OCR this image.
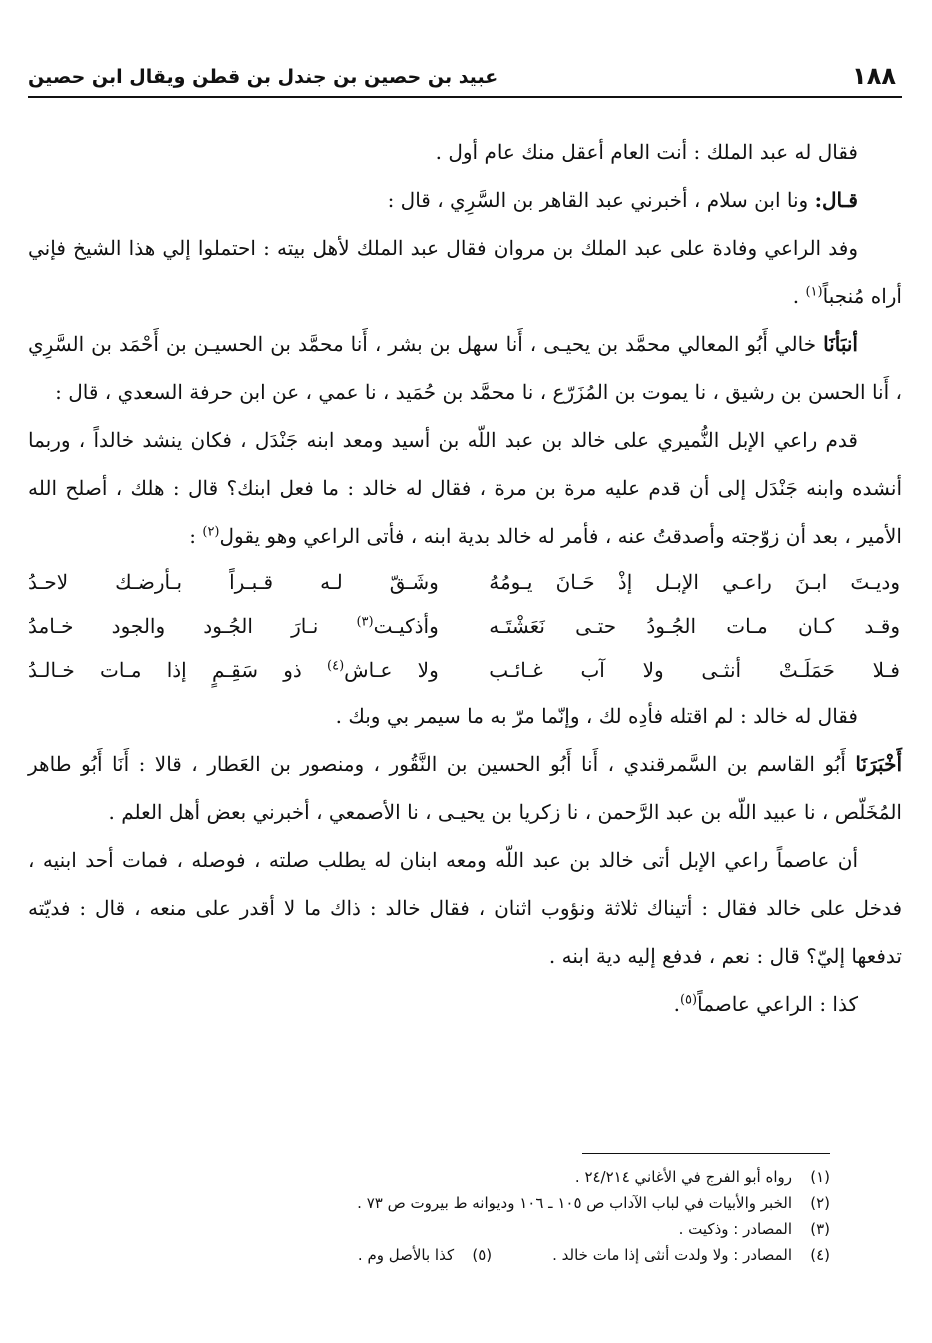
١٨٨
عبيد بن حصين بن جندل بن قطن ويقال ابن حصين

فقال له عبد الملك : أنت العام أعقل منك عام أول .

قـال: ونا ابن سلام ، أخبرني عبد القاهر بن السَّرِي ، قال :

وفد الراعي وفادة على عبد الملك بن مروان فقال عبد الملك لأهل بيته : احتملوا إلي هذا الشيخ فإني أراه مُنجباً$^{(١)}$ .

أنبَأنَا خالي أَبُو المعالي محمَّد بن يحيـى ، أَنا سهل بن بشر ، أَنا محمَّد بن الحسيـن بن أَحْمَد بن السَّرِي ، أَنا الحسن بن رشيق ، نا يموت بن المُزَرّع ، نا محمَّد بن حُمَيد ، نا عمي ، عن ابن حرفة السعدي ، قال :

قدم راعي الإبل النُّميري على خالد بن عبد اللّه بن أسيد ومعد ابنه جَنْدَل ، فكان ينشد خالداً ، وربما أنشده وابنه جَنْدَل إلى أن قدم عليه مرة بن مرة ، فقال له خالد : ما فعل ابنك؟ قال : هلك ، أصلح الله الأمير ، بعد أن زوّجته وأصدقتُ عنه ، فأمر له خالد بدية ابنه ، فأتى الراعي وهو يقول$^{(٢)}$ :

وديـتَ ابـنَ راعـي الإبـل إذْ حَـانَ يـومُهُ
وشَـقّ لـه قـبـراً بـأرضـك لاحـدُ
وقـد كـان مـات الجُـودُ حتـى نَعَشْتَـه
وأذكيـت$^{(٣)}$ نـارَ الجُـود والجود خـامدُ
فـلا حَمَلَـتْ أنثـى ولا آب غـائـب
ولا عـاش$^{(٤)}$ ذو سَقِـمٍ إذا مـات خـالـدُ

فقال له خالد : لم اقتله فأدِه لك ، وإنّما مرّ به ما سيمر بي وبك .

أَخْبَرَنَا أَبُو القاسم بن السَّمرقندي ، أَنا أَبُو الحسين بن النَّقُور ، ومنصور بن العَطار ، قالا : أَنَا أَبُو طاهر المُخَلّص ، نا عبيد اللّه بن عبد الرَّحمن ، نا زكريا بن يحيـى ، نا الأصمعي ، أخبرني بعض أهل العلم .

أن عاصماً راعي الإبل أتى خالد بن عبد اللّه ومعه ابنان له يطلب صلته ، فوصله ، فمات أحد ابنيه ، فدخل على خالد فقال : أتيناك ثلاثة ونؤوب اثنان ، فقال خالد : ذاك ما لا أقدر على منعه ، قال : فديّته تدفعها إليّ؟ قال : نعم ، فدفع إليه دية ابنه .

كذا : الراعي عاصماً$^{(٥)}$.

(١)
رواه أبو الفرج في الأغاني ٢٤/٢١٤ .
(٢)
الخبر والأبيات في لباب الآداب ص ١٠٥ ـ ١٠٦ وديوانه ط بيروت ص ٧٣ .
(٣)
المصادر : وذكيت .
(٤)
المصادر : ولا ولدت أنثى إذا مات خالد .
(٥)
كذا بالأصل وم .
